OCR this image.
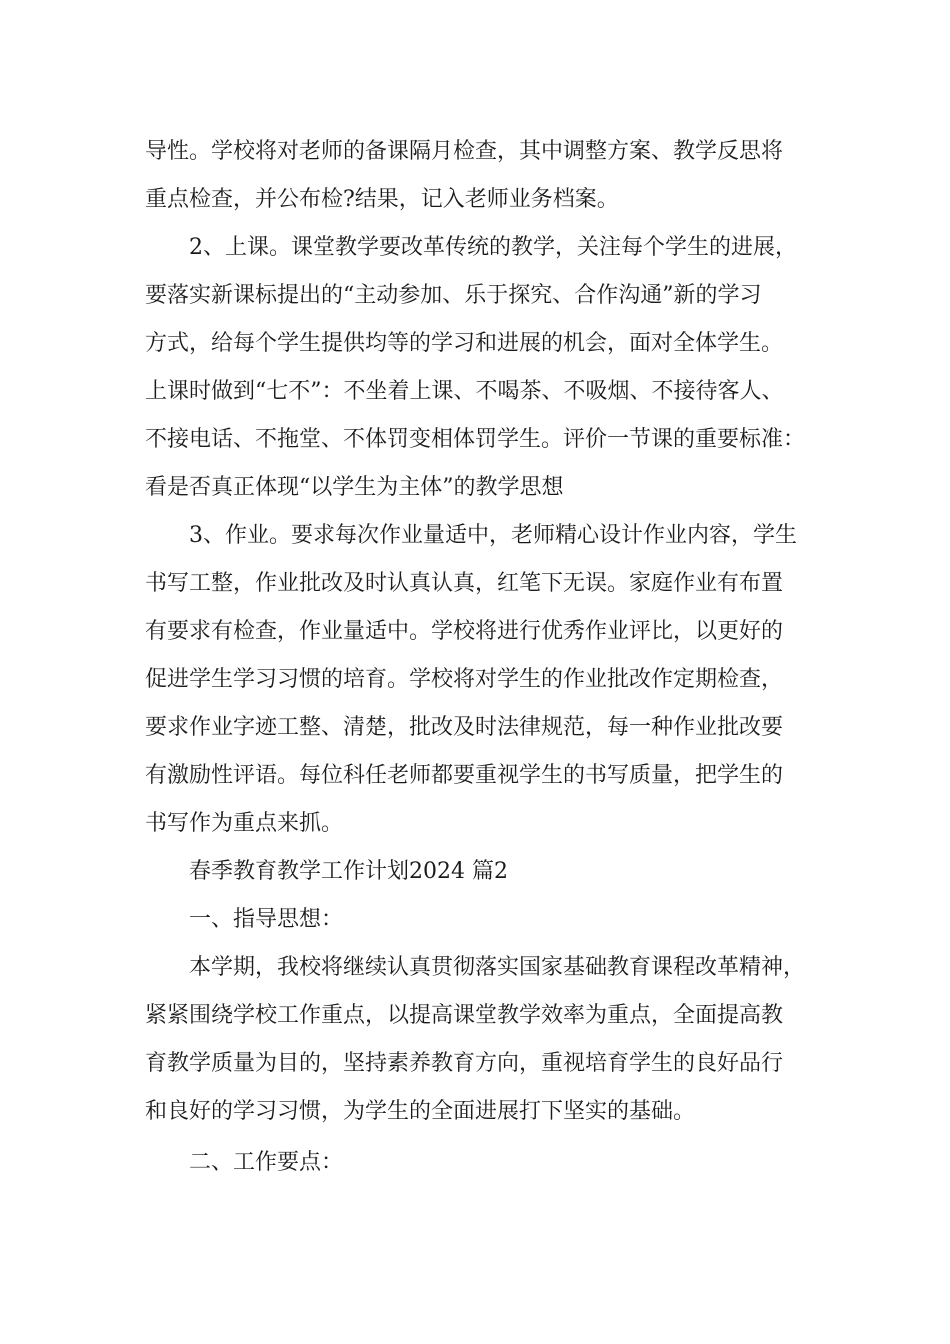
导性。学校将对老师的备课隔月检查，其中调整方案、教学反思将
重点检查，并公布检?结果，记入老师业务档案。

2、上课。课堂教学要改革传统的教学，关注每个学生的进展，
要落实新课标提出的“主动参加、乐于探究、合作沟通”新的学习
方式，给每个学生提供均等的学习和进展的机会，面对全体学生。
上课时做到“七不”：不坐着上课、不喝茶、不吸烟、不接待客人、
不接电话、不拖堂、不体罚变相体罚学生。评价一节课的重要标准：
看是否真正体现“以学生为主体”的教学思想

3、作业。要求每次作业量适中，老师精心设计作业内容，学生
书写工整，作业批改及时认真认真，红笔下无误。家庭作业有布置
有要求有检查，作业量适中。学校将进行优秀作业评比，以更好的
促进学生学习习惯的培育。学校将对学生的作业批改作定期检查，
要求作业字迹工整、清楚，批改及时法律规范，每一种作业批改要
有激励性评语。每位科任老师都要重视学生的书写质量，把学生的
书写作为重点来抓。

春季教育教学工作计划2024 篇2

一、指导思想：

本学期，我校将继续认真贯彻落实国家基础教育课程改革精神，
紧紧围绕学校工作重点，以提高课堂教学效率为重点，全面提高教
育教学质量为目的，坚持素养教育方向，重视培育学生的良好品行
和良好的学习习惯，为学生的全面进展打下坚实的基础。

二、工作要点：
